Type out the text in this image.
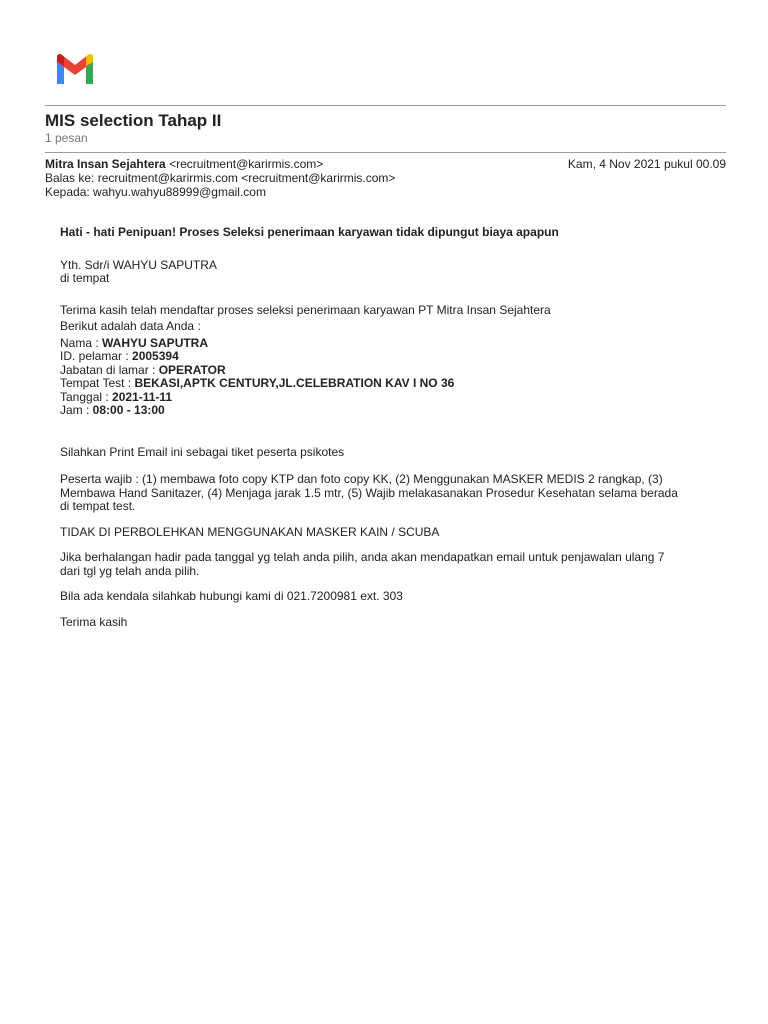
MIS selection Tahap II
1 pesan
Mitra Insan Sejahtera <recruitment@karirmis.com>	Kam, 4 Nov 2021 pukul 00.09
Balas ke: recruitment@karirmis.com <recruitment@karirmis.com>
Kepada: wahyu.wahyu88999@gmail.com

Hati - hati Penipuan! Proses Seleksi penerimaan karyawan tidak dipungut biaya apapun

Yth. Sdr/i WAHYU SAPUTRA

di tempat

Terima kasih telah mendaftar proses seleksi penerimaan karyawan PT Mitra Insan Sejahtera

Berikut adalah data Anda :

Nama : WAHYU SAPUTRA

ID. pelamar : 2005394

Jabatan di lamar : OPERATOR

Tempat Test : BEKASI,APTK CENTURY,JL.CELEBRATION KAV I NO 36

Tanggal : 2021-11-11

Jam : 08:00 - 13:00

Silahkan Print Email ini sebagai tiket peserta psikotes

Peserta wajib : (1) membawa foto copy KTP dan foto copy KK, (2) Menggunakan MASKER MEDIS 2 rangkap, (3)

Membawa Hand Sanitazer, (4) Menjaga jarak 1.5 mtr, (5) Wajib melakasanakan Prosedur Kesehatan selama berada

di tempat test.

TIDAK DI PERBOLEHKAN MENGGUNAKAN MASKER KAIN / SCUBA

Jika berhalangan hadir pada tanggal yg telah anda pilih, anda akan mendapatkan email untuk penjawalan ulang 7

dari tgl yg telah anda pilih.

Bila ada kendala silahkab hubungi kami di 021.7200981 ext. 303

Terima kasih
